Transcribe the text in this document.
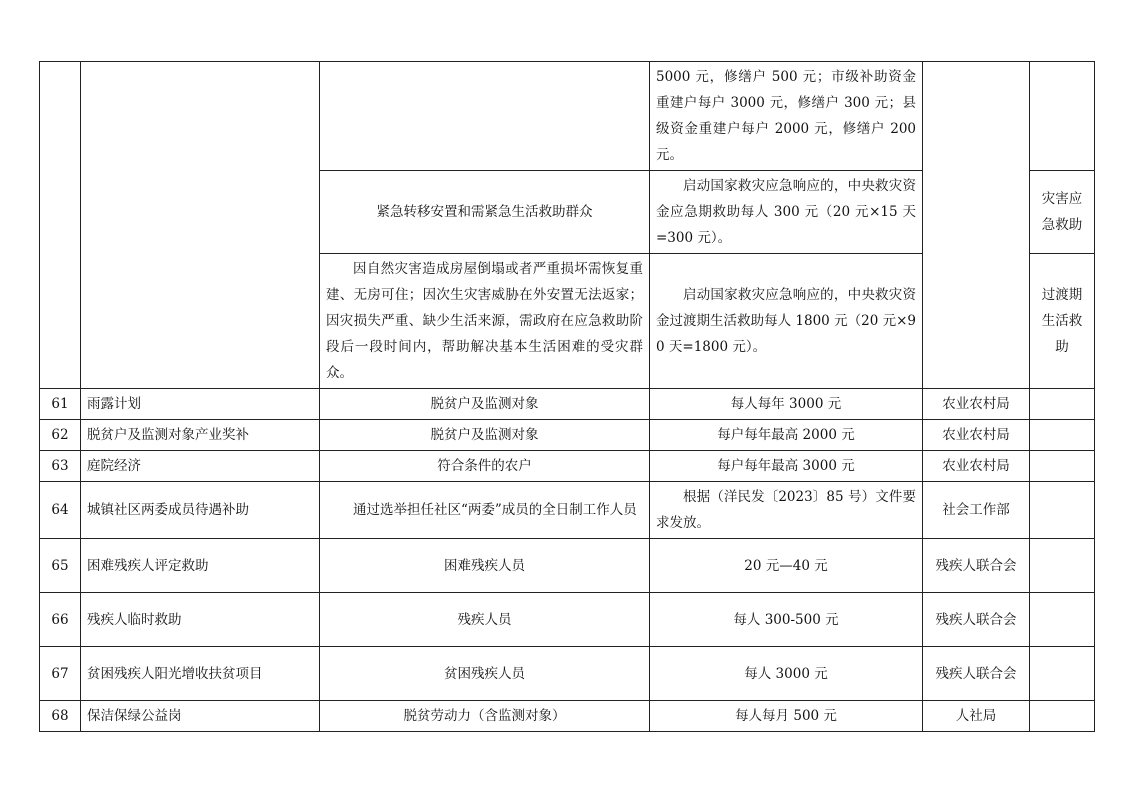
			5000 元，修缮户 500 元；市级补助资金重建户每户 3000 元，修缮户 300 元；县级资金重建户每户 2000 元，修缮户 200 元。		
		紧急转移安置和需紧急生活救助群众	启动国家救灾应急响应的，中央救灾资金应急期救助每人 300 元（20 元×15 天=300 元）。		灾害应急救助
		因自然灾害造成房屋倒塌或者严重损坏需恢复重建、无房可住；因次生灾害威胁在外安置无法返家；因灾损失严重、缺少生活来源，需政府在应急救助阶段后一段时间内，帮助解决基本生活困难的受灾群众。	启动国家救灾应急响应的，中央救灾资金过渡期生活救助每人 1800 元（20 元×90 天=1800 元）。		过渡期生活救助
61	雨露计划	脱贫户及监测对象	每人每年 3000 元	农业农村局	
62	脱贫户及监测对象产业奖补	脱贫户及监测对象	每户每年最高 2000 元	农业农村局	
63	庭院经济	符合条件的农户	每户每年最高 3000 元	农业农村局	
64	城镇社区两委成员待遇补助	通过选举担任社区“两委”成员的全日制工作人员	根据（洋民发〔2023〕85 号）文件要求发放。	社会工作部	
65	困难残疾人评定救助	困难残疾人员	20 元—40 元	残疾人联合会	
66	残疾人临时救助	残疾人员	每人 300-500 元	残疾人联合会	
67	贫困残疾人阳光增收扶贫项目	贫困残疾人员	每人 3000 元	残疾人联合会	
68	保洁保绿公益岗	脱贫劳动力（含监测对象）	每人每月 500 元	人社局	
